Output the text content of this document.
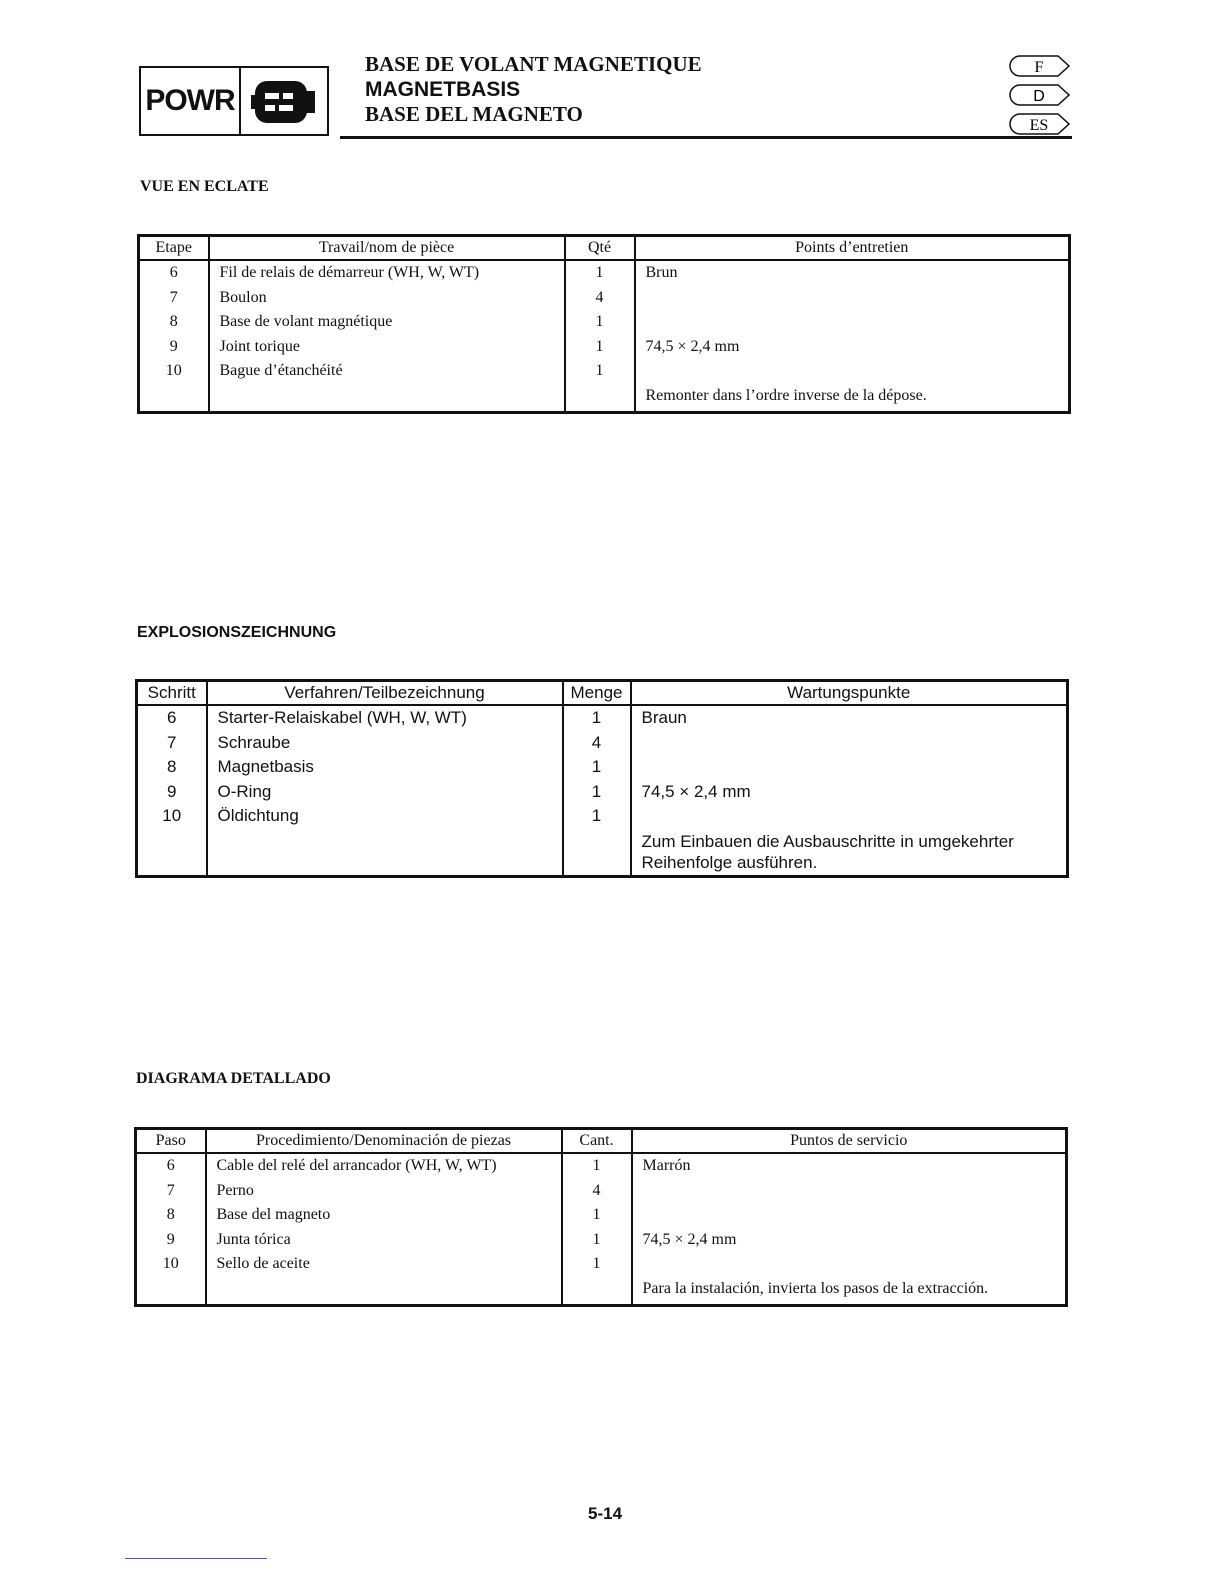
POWR
BASE DE VOLANT MAGNETIQUE
MAGNETBASIS
BASE DEL MAGNETO
F

D

ES
VUE EN ECLATE
Etape	Travail/nom de pièce	Qté	Points d’entretien
6	Fil de relais de démarreur (WH, W, WT)	1	Brun
7	Boulon	4	
8	Base de volant magnétique	1	
9	Joint torique	1	74,5 × 2,4 mm
10	Bague d’étanchéité	1	
			Remonter dans l’ordre inverse de la dépose.
EXPLOSIONSZEICHNUNG
Schritt	Verfahren/Teilbezeichnung	Menge	Wartungspunkte
6	Starter-Relaiskabel (WH, W, WT)	1	Braun
7	Schraube	4	
8	Magnetbasis	1	
9	O-Ring	1	74,5 × 2,4 mm
10	Öldichtung	1	
			Zum Einbauen die Ausbauschritte in umgekehrter Reihenfolge ausführen.
DIAGRAMA DETALLADO
Paso	Procedimiento/Denominación de piezas	Cant.	Puntos de servicio
6	Cable del relé del arrancador (WH, W, WT)	1	Marrón
7	Perno	4	
8	Base del magneto	1	
9	Junta tórica	1	74,5 × 2,4 mm
10	Sello de aceite	1	
			Para la instalación, invierta los pasos de la extracción.
5-14
